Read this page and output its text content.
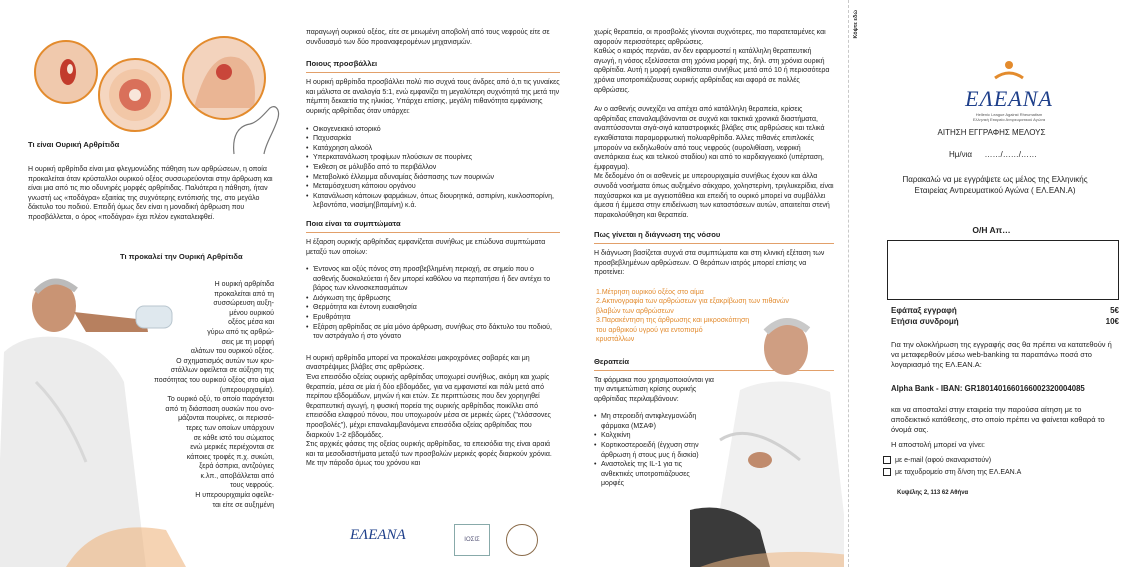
Τι είναι Ουρική Αρθρίτιδα

Η ουρική αρθρίτιδα είναι μια φλεγμονώδης πάθηση των αρθρώσεων, η οποία προκαλείται όταν κρύσταλλοι ουρικού οξέος συσσωρεύονται στην άρθρωση και είναι μια από τις πιο οδυνηρές μορφές αρθρίτιδας. Παλιότερα η πάθηση, ήταν γνωστή ως «ποδάγρα» εξαιτίας της συχνότερης εντόπισής της, στο μεγάλο δάκτυλο του ποδιού. Επειδή όμως δεν είναι η μοναδική άρθρωση που προσβάλλεται, ο όρος «ποδάγρα» έχει πλέον εγκαταλειφθεί.

Τι προκαλεί την Ουρική Αρθρίτιδα

Η ουρική αρθρίτιδα
προκαλείται από τη
συσσώρευση αυξη-
μένου ουρικού
οξέος μέσα και
γύρω από τις αρθρώ-
σεις με τη μορφή
αλάτων του ουρικού οξέος.
Ο σχηματισμός αυτών των κρυ-
στάλλων οφείλεται σε αύξηση της
ποσότητας του ουρικού οξέος στο αίμα
(υπερουριχαιμία).
Το ουρικό οξύ, το οποίο παράγεται
από τη διάσπαση ουσιών που ονο-
μάζονται πουρίνες, οι περισσό-
τερες των οποίων υπάρχουν
σε κάθε ιστό του σώματος
ενώ μερικές περιέχονται σε
κάποιες τροφές π.χ. συκώτι,
ξερά όσπρια, αντζούγιες
κ.λπ., αποβάλλεται από
τους νεφρούς.
Η υπερουριχαιμία οφείλε-
ται είτε σε αυξημένη

παραγωγή ουρικού οξέος, είτε σε μειωμένη αποβολή από τους νεφρούς είτε σε συνδυασμό των δύο προαναφερομένων μηχανισμών.

Ποιους προσβάλλει

Η ουρική αρθρίτιδα προσβάλλει πολύ πιο συχνά τους άνδρες από ό,τι τις γυναίκες και μάλιστα σε αναλογία 5:1, ενώ εμφανίζει τη μεγαλύτερη συχνότητά της μετά την πέμπτη δεκαετία της ηλικίας. Υπάρχει επίσης, μεγάλη πιθανότητα εμφάνισης ουρικής αρθρίτιδας όταν υπάρχει:

• Οικογενειακό ιστορικό
• Παχυσαρκία
• Κατάχρηση αλκοόλ
• Υπερκατανάλωση τροφίμων πλούσιων σε πουρίνες
• Έκθεση σε μόλυβδο από το περιβάλλον
• Μεταβολικό έλλειμμα αδυναμίας διάσπασης των πουρινών
• Μεταμόσχευση κάποιου οργάνου
• Κατανάλωση κάποιων φαρμάκων, όπως διουρητικά, ασπιρίνη, κυκλοσπορίνη, λεβοντόπα, νιασίμη(βιταμίνη) κ.ά.

Ποια είναι τα συμπτώματα

Η έξαρση ουρικής αρθρίτιδας εμφανίζεται συνήθως με επώδυνα συμπτώματα μεταξύ των οποίων:

• Έντονος και οξύς πόνος στη προσβεβλημένη περιοχή, σε σημείο που ο ασθενής δυσκολεύεται ή δεν μπορεί καθόλου να περπατήσει ή δεν αντέχει το βάρος των κλινοσκεπασμάτων
• Διόγκωση της άρθρωσης
• Θερμότητα και έντονη ευαισθησία
• Ερυθρότητα
• Εξάρση αρθρίτιδας σε μία μόνο άρθρωση, συνήθως στο δάκτυλο του ποδιού, τον αστράγαλο ή στο γόνατο

Η ουρική αρθρίτιδα μπορεί να προκαλέσει μακροχρόνιες σοβαρές και μη αναστρέψιμες βλάβες στις αρθρώσεις.

Ένα επεισόδιο οξείας ουρικής αρθρίτιδας υποχωρεί συνήθως, ακόμη και χωρίς θεραπεία, μέσα σε μία ή δύο εβδομάδες, για να εμφανιστεί και πάλι μετά από περίπου εβδομάδων, μηνών ή και ετών. Σε περιπτώσεις που δεν χορηγηθεί θεραπευτική αγωγή, η φυσική πορεία της ουρικής αρθρίτιδας ποικίλλει από επεισόδια ελαφρού πόνου, που υποχωρούν μέσα σε μερικές ώρες ("ελάσσονες προσβολές"), μέχρι επαναλαμβανόμενα επεισόδια οξείας αρθρίτιδας που διαρκούν 1-2 εβδομάδες.

Στις αρχικές φάσεις της οξείας ουρικής αρθρίτιδας, τα επεισόδια της είναι αραιά και τα μεσοδιαστήματα μεταξύ των προσβολών μερικές φορές διαρκούν χρόνια. Με την πάροδο όμως του χρόνου και

ΕΛΕΑΝΑ	ΙΟΣΙΣ

χωρίς θεραπεία, οι προσβολές γίνονται συχνότερες, πιο παρατεταμένες και αφορούν περισσότερες αρθρώσεις.

Καθώς ο καιρός περνάει, αν δεν εφαρμοστεί η κατάλληλη θεραπευτική αγωγή, η νόσος εξελίσσεται στη χρόνια μορφή της, δηλ. στη χρόνια ουρική αρθρίτιδα. Αυτή η μορφή εγκαθίσταται συνήθως μετά από 10 ή περισσότερα χρόνια υποτροπιάζουσας ουρικής αρθρίτιδας και αφορά σε πολλές αρθρώσεις.

Αν ο ασθενής συνεχίζει να απέχει από κατάλληλη θεραπεία, κρίσεις αρθρίτιδας επαναλαμβάνονται σε συχνά και τακτικά χρονικά διαστήματα, αναπτύσσονται σιγά-σιγά καταστροφικές βλάβες στις αρθρώσεις και τελικά εγκαθίσταται παραμορφωτική πολυαρθρίτιδα. Άλλες πιθανές επιπλοκές μπορούν να εκδηλωθούν από τους νεφρούς (ουρολιθίαση, νεφρική ανεπάρκεια έως και τελικού σταδίου) και από το καρδιαγγειακό (υπέρταση, έμφραγμα).

Με δεδομένο ότι οι ασθενείς με υπερουριχαιμία συνήθως έχουν και άλλα συνοδά νοσήματα όπως αυξημένο σάκχαρο, χοληστερίνη, τριγλυκερίδια, είναι παχύσαρκοι και με αγγειοπάθεια και επειδή το ουρικό μπορεί να συμβάλλει άμεσα ή έμμεσα στην επιδείνωση των καταστάσεων αυτών, απαιτείται στενή παρακολούθηση και θεραπεία.

Πως γίνεται η διάγνωση της νόσου

Η διάγνωση βασίζεται συχνά στα συμπτώματα και στη κλινική εξέταση των προσβεβλημένων αρθρώσεων. Ο θεράπων ιατρός μπορεί επίσης να προτείνει:

1.Μέτρηση ουρικού οξέος στο αίμα
2.Ακτινογραφία των αρθρώσεων για εξακρίβωση των πιθανών
βλαβών των αρθρώσεων
3.Παρακέντηση της άρθρωσης και μικροσκόπηση
του αρθρικού υγρού για εντοπισμό
κρυστάλλων

Θεραπεία

Τα φάρμακα που χρησιμοποιούνται για την αντιμετώπιση κρίσης ουρικής αρθρίτιδας περιλαμβάνουν:

• Μη στεροειδή αντιφλεγμονώδη φάρμακα (ΜΣΑΦ)
• Κολχικίνη
• Κορτικοστεροειδή (έγχυση στην άρθρωση ή στους μυς ή δισκία)
• Αναστολείς της IL-1 για τις ανθεκτικές υποτροπιάζουσες μορφές
Κόψτε εδώ
ΕΛΕΑΝΑ
Hellenic League Against Rheumatism
Ελληνική Εταιρεία Αντιρευματικού Αγώνα
ΑΙΤΗΣΗ ΕΓΓΡΑΦΗΣ ΜΕΛΟΥΣ
Ημ/νια ……/……/……
Παρακαλώ να με εγγράψετε ως μέλος της Ελληνικής Εταιρείας Αντιρευματικού Αγώνα ( ΕΛ.ΕΑΝ.Α)
Ο/Η Απ…
Εφάπαξ εγγραφή	5€
Ετήσια συνδρομή	10€
Για την ολοκλήρωση της εγγραφής σας θα πρέπει να κατατεθούν ή να μεταφερθούν μέσω web-banking τα παραπάνω ποσά στο λογαριασμό της ΕΛ.ΕΑΝ.Α:
Alpha Bank - IBAN: GR1801401660166002320004085
και να αποσταλεί στην εταιρεία την παρούσα αίτηση με το αποδεικτικό κατάθεσης, στο οποίο πρέπει να φαίνεται καθαρά το όνομά σας.
Η αποστολή μπορεί να γίνει:
με e-mail (αφού σκαναριστούν)
με ταχυδρομείο στη δ/νση της ΕΛ.ΕΑΝ.Α
Κυψέλης 2, 113 62 Αθήνα
